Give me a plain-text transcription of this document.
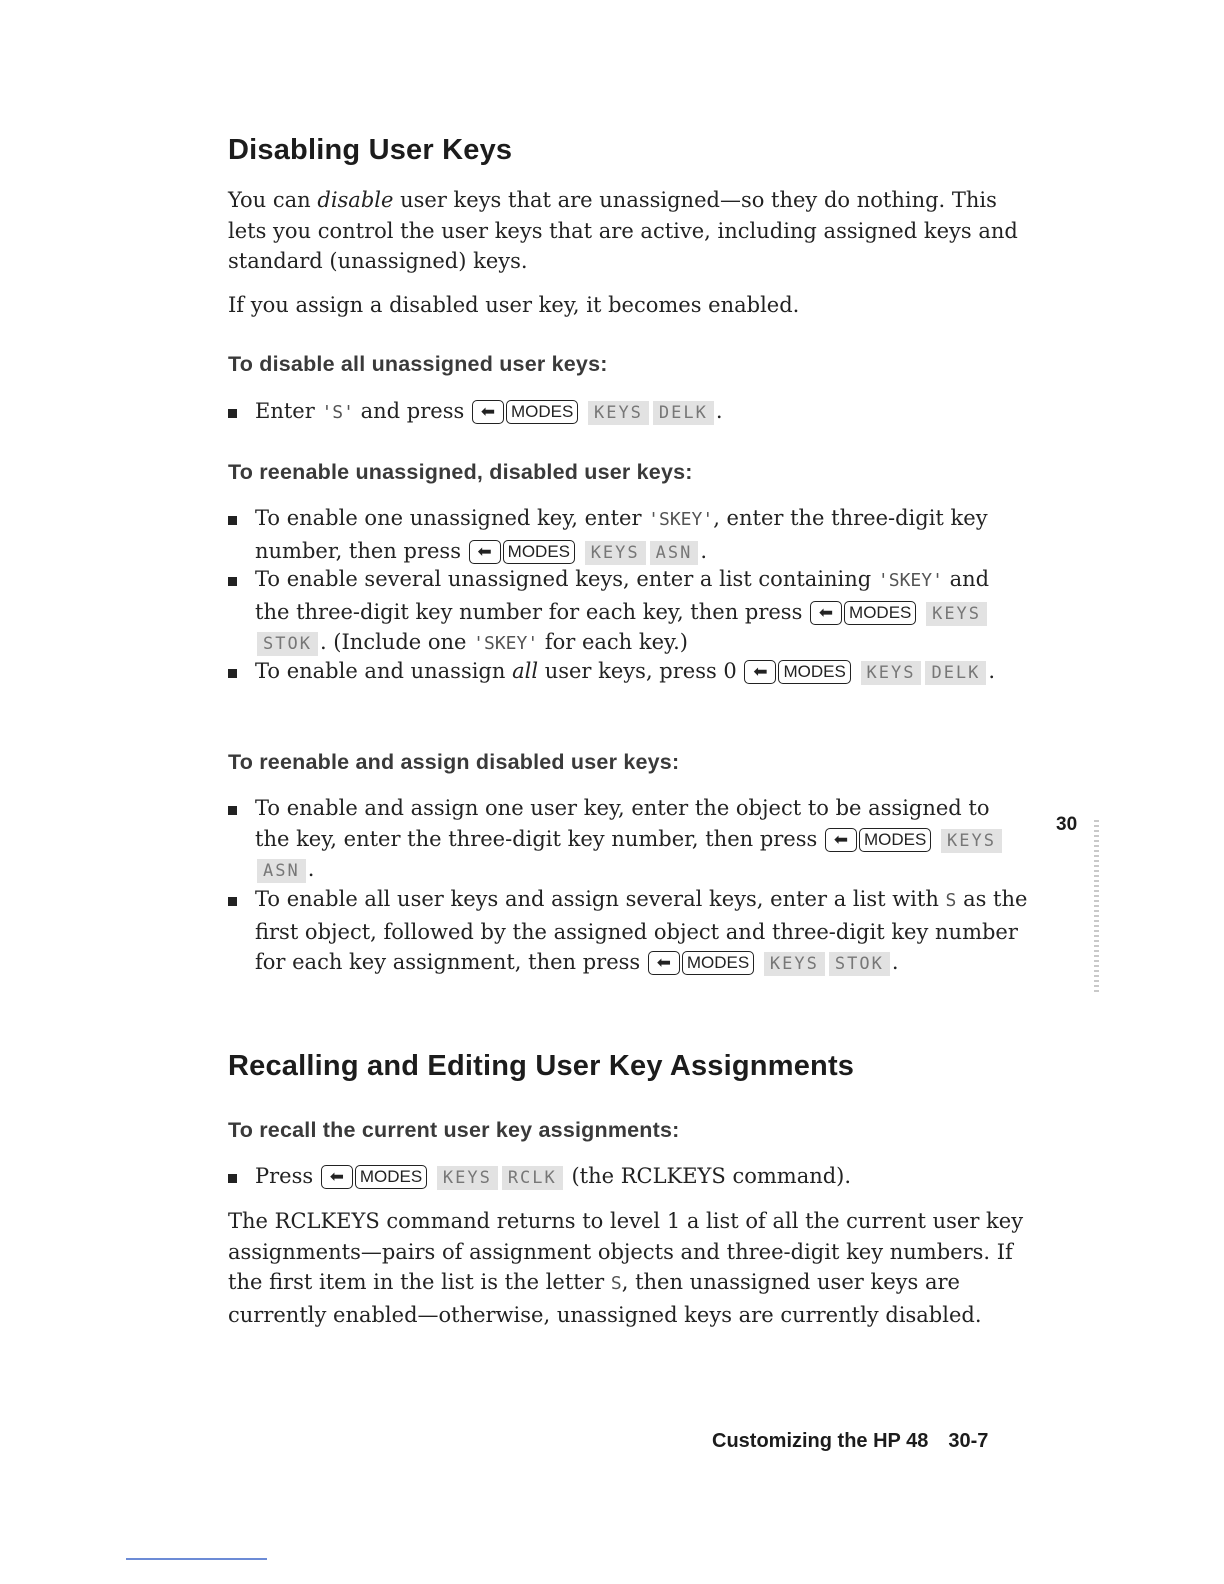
Disabling User Keys

You can disable user keys that are unassigned—so they do nothing. This lets you control the user keys that are active, including assigned keys and standard (unassigned) keys.

If you assign a disabled user key, it becomes enabled.

To disable all unassigned user keys:
Enter 'S' and press ⬅ MODES KEYS DELK .
To reenable unassigned, disabled user keys:
To enable one unassigned key, enter 'SKEY', enter the three-digit key number, then press ⬅ MODES KEYS ASN .
To enable several unassigned keys, enter a list containing 'SKEY' and the three-digit key number for each key, then press ⬅ MODES KEYSSTOK . (Include one 'SKEY' for each key.)
To enable and unassign all user keys, press 0 ⬅ MODES KEYS DELK .
To reenable and assign disabled user keys:
To enable and assign one user key, enter the object to be assigned to the key, enter the three-digit key number, then press ⬅ MODES KEYSASN .
To enable all user keys and assign several keys, enter a list with S as the first object, followed by the assigned object and three-digit key number for each key assignment, then press ⬅ MODES KEYS STOK .
Recalling and Editing User Key Assignments
To recall the current user key assignments:
Press ⬅ MODES KEYS RCLK (the RCLKEYS command).

The RCLKEYS command returns to level 1 a list of all the current user key assignments—pairs of assignment objects and three-digit key numbers. If the first item in the list is the letter S, then unassigned user keys are currently enabled—otherwise, unassigned keys are currently disabled.

30
Customizing the HP 48 30-7
